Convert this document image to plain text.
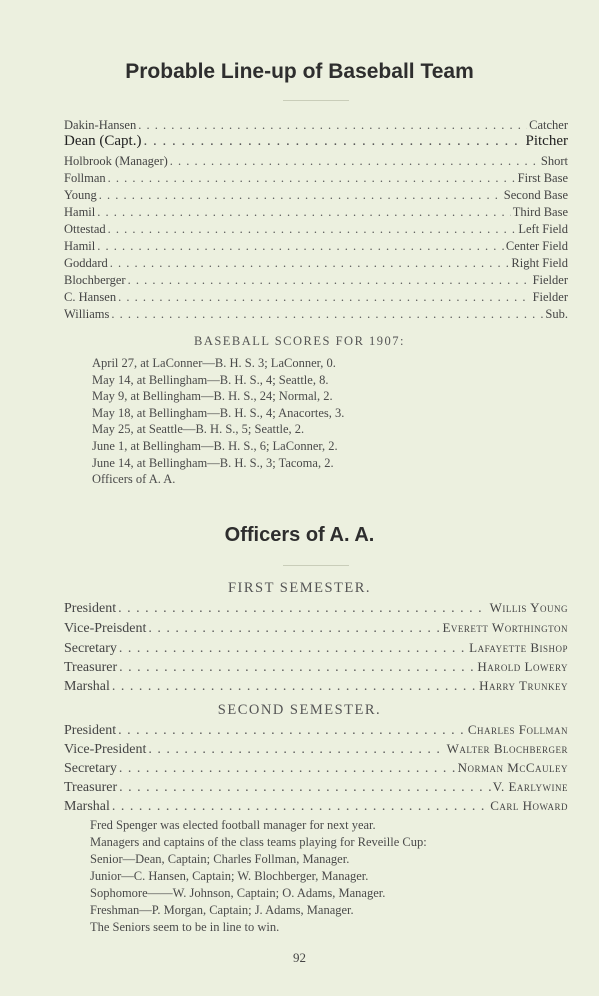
Probable Line-up of Baseball Team
Dakin-Hansen . . .	Catcher
Dean (Capt.) . . .	Pitcher
Holbrook (Manager) . . .	Short
Follman . . .	First Base
Young . . .	Second Base
Hamil . . .	Third Base
Ottestad . . .	Left Field
Hamil . . .	Center Field
Goddard . . .	Right Field
Blochberger . . .	Fielder
C. Hansen . . .	Fielder
Williams . . .	Sub.
BASEBALL SCORES FOR 1907:
April 27, at LaConner—B. H. S. 3; LaConner, 0.
May 14, at Bellingham—B. H. S., 4; Seattle, 8.
May 9, at Bellingham—B. H. S., 24; Normal, 2.
May 18, at Bellingham—B. H. S., 4; Anacortes, 3.
May 25, at Seattle—B. H. S., 5; Seattle, 2.
June 1, at Bellingham—B. H. S., 6; LaConner, 2.
June 14, at Bellingham—B. H. S., 3; Tacoma, 2.
Officers of A. A.
Officers of A. A.
FIRST SEMESTER.
President . . .	Willis Young
Vice-Preisdent . . .	Everett Worthington
Secretary . . .	Lafayette Bishop
Treasurer . . .	Harold Lowery
Marshal . . .	Harry Trunkey
SECOND SEMESTER.
President . . .	Charles Follman
Vice-President . . .	Walter Blochberger
Secretary . . .	Norman McCauley
Treasurer . . .	V. Earlywine
Marshal . . .	Carl Howard
Fred Spenger was elected football manager for next year.
Managers and captains of the class teams playing for Reveille Cup:
Senior—Dean, Captain; Charles Follman, Manager.
Junior—C. Hansen, Captain; W. Blochberger, Manager.
Sophomore——W. Johnson, Captain; O. Adams, Manager.
Freshman—P. Morgan, Captain; J. Adams, Manager.
The Seniors seem to be in line to win.
92
